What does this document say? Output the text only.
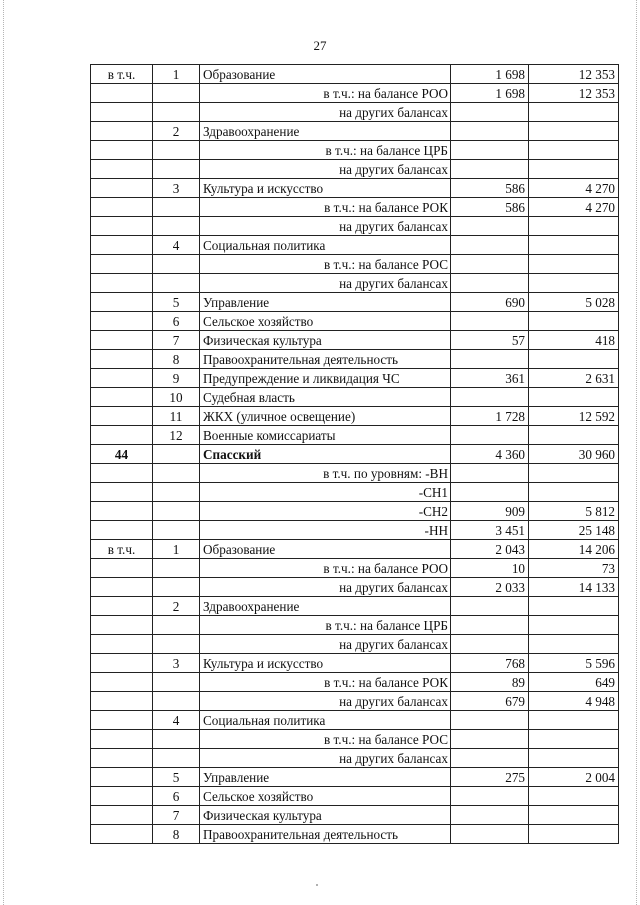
27
в т.ч.	1	Образование	1 698	12 353
		в т.ч.: на балансе РОО	1 698	12 353
		на других балансах		
	2	Здравоохранение		
		в т.ч.: на балансе ЦРБ		
		на других балансах		
	3	Культура и искусство	586	4 270
		в т.ч.: на балансе РОК	586	4 270
		на других балансах		
	4	Социальная политика		
		в т.ч.: на балансе РОС		
		на других балансах		
	5	Управление	690	5 028
	6	Сельское хозяйство		
	7	Физическая культура	57	418
	8	Правоохранительная деятельность		
	9	Предупреждение и ликвидация ЧС	361	2 631
	10	Судебная власть		
	11	ЖКХ (уличное освещение)	1 728	12 592
	12	Военные комиссариаты		
44		Спасский	4 360	30 960
		в т.ч. по уровням: -ВН		
		-СН1		
		-СН2	909	5 812
		-НН	3 451	25 148
в т.ч.	1	Образование	2 043	14 206
		в т.ч.: на балансе РОО	10	73
		на других балансах	2 033	14 133
	2	Здравоохранение		
		в т.ч.: на балансе ЦРБ		
		на других балансах		
	3	Культура и искусство	768	5 596
		в т.ч.: на балансе РОК	89	649
		на других балансах	679	4 948
	4	Социальная политика		
		в т.ч.: на балансе РОС		
		на других балансах		
	5	Управление	275	2 004
	6	Сельское хозяйство		
	7	Физическая культура		
	8	Правоохранительная деятельность		
